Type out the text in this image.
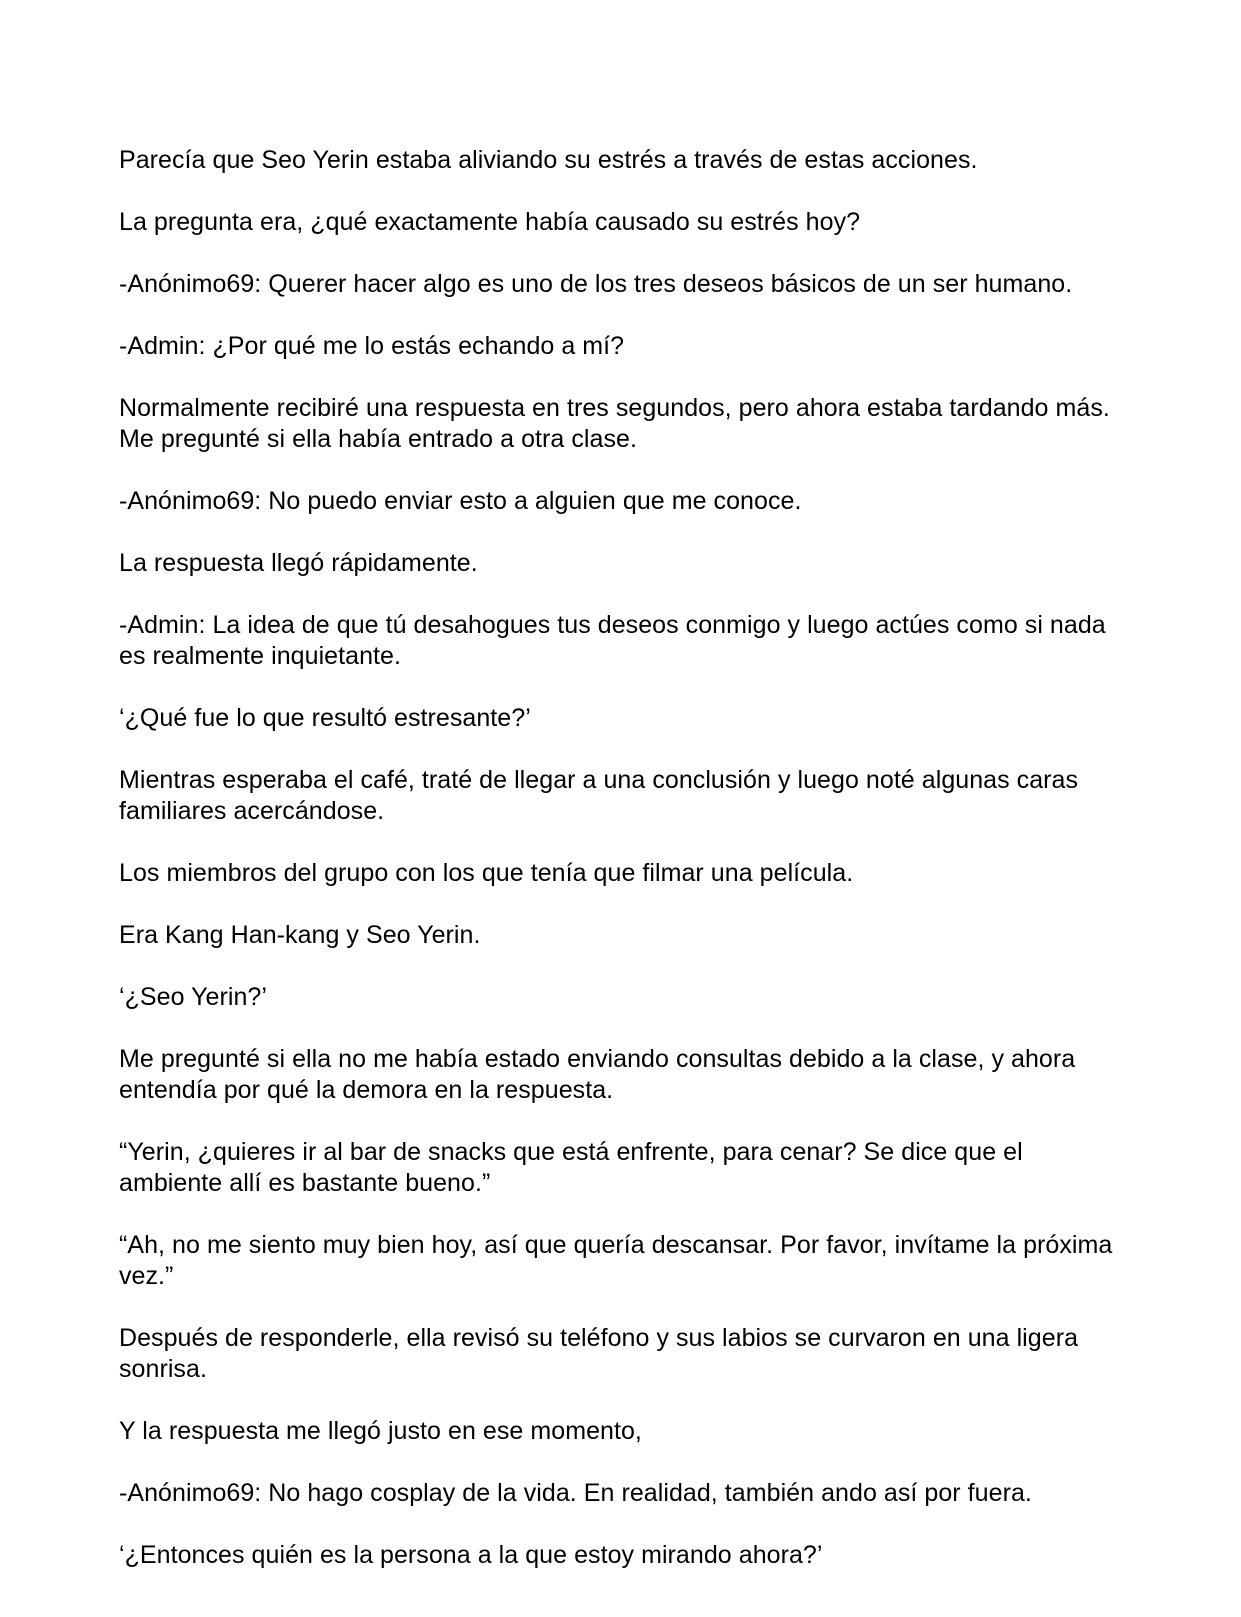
Parecía que Seo Yerin estaba aliviando su estrés a través de estas acciones.

La pregunta era, ¿qué exactamente había causado su estrés hoy?

-Anónimo69: Querer hacer algo es uno de los tres deseos básicos de un ser humano.

-Admin: ¿Por qué me lo estás echando a mí?

Normalmente recibiré una respuesta en tres segundos, pero ahora estaba tardando más. Me pregunté si ella había entrado a otra clase.

-Anónimo69: No puedo enviar esto a alguien que me conoce.

La respuesta llegó rápidamente.

-Admin: La idea de que tú desahogues tus deseos conmigo y luego actúes como si nada es realmente inquietante.

‘¿Qué fue lo que resultó estresante?’

Mientras esperaba el café, traté de llegar a una conclusión y luego noté algunas caras familiares acercándose.

Los miembros del grupo con los que tenía que filmar una película.

Era Kang Han-kang y Seo Yerin.

‘¿Seo Yerin?’

Me pregunté si ella no me había estado enviando consultas debido a la clase, y ahora entendía por qué la demora en la respuesta.

“Yerin, ¿quieres ir al bar de snacks que está enfrente, para cenar? Se dice que el ambiente allí es bastante bueno.”

“Ah, no me siento muy bien hoy, así que quería descansar. Por favor, invítame la próxima vez.”

Después de responderle, ella revisó su teléfono y sus labios se curvaron en una ligera sonrisa.

Y la respuesta me llegó justo en ese momento,

-Anónimo69: No hago cosplay de la vida. En realidad, también ando así por fuera.

‘¿Entonces quién es la persona a la que estoy mirando ahora?’
